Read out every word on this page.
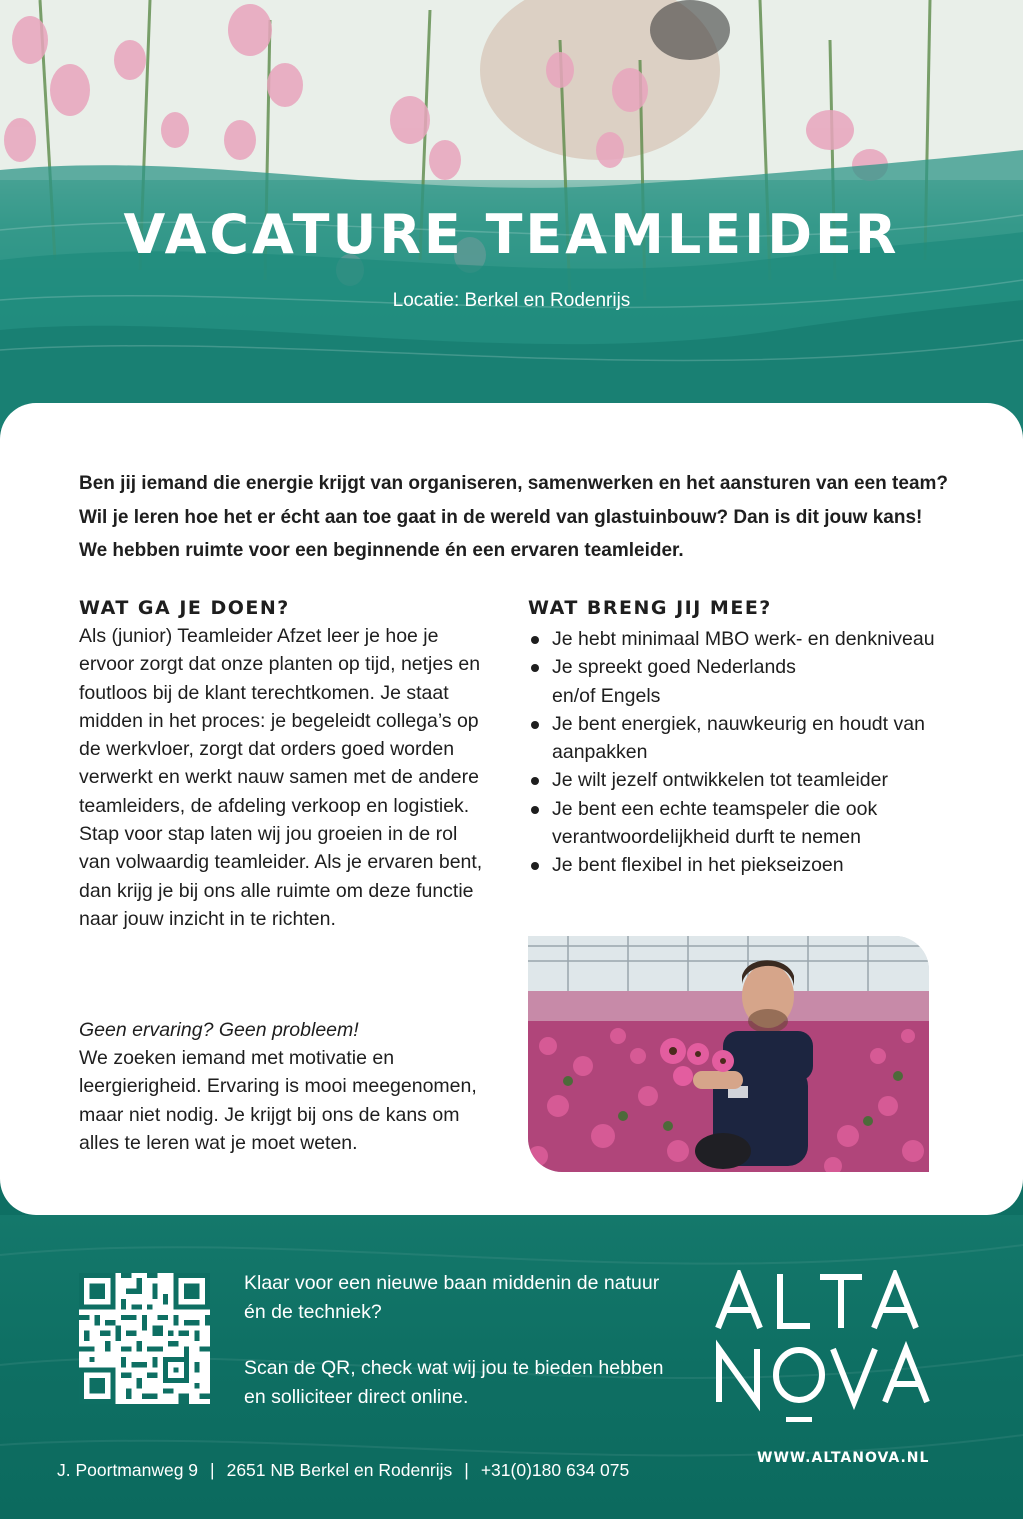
VACATURE TEAMLEIDER
Locatie: Berkel en Rodenrijs
Ben jij iemand die energie krijgt van organiseren, samenwerken en het aansturen van een team? Wil je leren hoe het er écht aan toe gaat in de wereld van glastuinbouw? Dan is dit jouw kans! We hebben ruimte voor een beginnende én een ervaren teamleider.
WAT GA JE DOEN?
Als (junior) Teamleider Afzet leer je hoe je ervoor zorgt dat onze planten op tijd, netjes en foutloos bij de klant terechtkomen. Je staat midden in het proces: je begeleidt collega’s op de werkvloer, zorgt dat orders goed worden verwerkt en werkt nauw samen met de andere teamleiders, de afdeling verkoop en logistiek. Stap voor stap laten wij jou groeien in de rol van volwaardig teamleider. Als je ervaren bent, dan krijg je bij ons alle ruimte om deze functie naar jouw inzicht in te richten.
Geen ervaring? Geen probleem!
We zoeken iemand met motivatie en leergierigheid. Ervaring is mooi meegenomen, maar niet nodig. Je krijgt bij ons de kans om alles te leren wat je moet weten.
WAT BRENG JIJ MEE?
Je hebt minimaal MBO werk- en denkniveau
Je spreekt goed Nederlands en/of Engels
Je bent energiek, nauwkeurig en houdt van aanpakken
Je wilt jezelf ontwikkelen tot teamleider
Je bent een echte teamspeler die ook verantwoordelijkheid durft te nemen
Je bent flexibel in het piekseizoen

Klaar voor een nieuwe baan middenin de natuur én de techniek?

Scan de QR, check wat wij jou te bieden hebben en solliciteer direct online.

WWW.ALTANOVA.NL
J. Poortmanweg 9 | 2651 NB Berkel en Rodenrijs | +31(0)180 634 075
